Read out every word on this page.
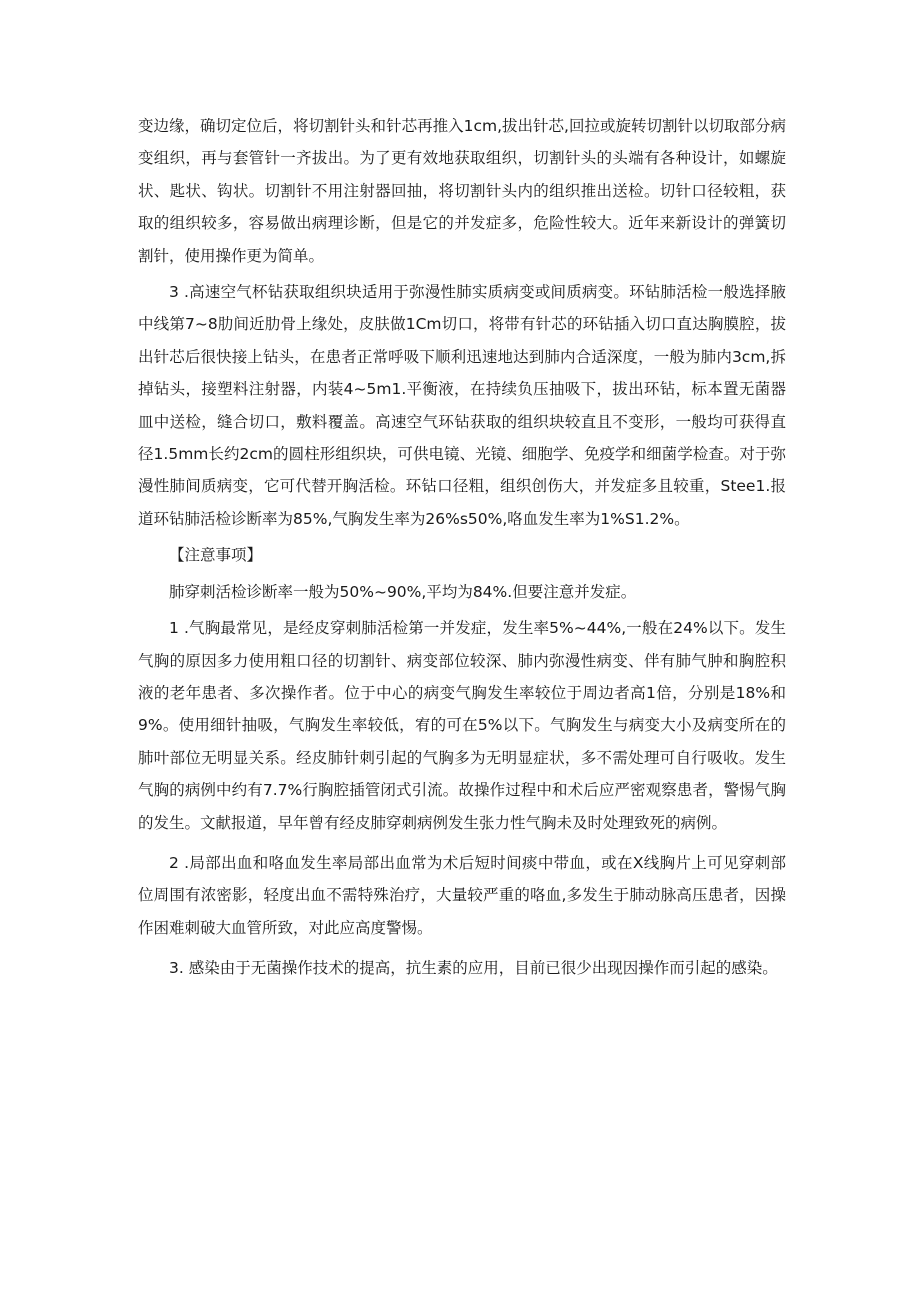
变边缘，确切定位后，将切割针头和针芯再推入1cm,拔出针芯,回拉或旋转切割针以切取部分病变组织，再与套管针一齐拔出。为了更有效地获取组织，切割针头的头端有各种设计，如螺旋状、匙状、钩状。切割针不用注射器回抽，将切割针头内的组织推出送检。切针口径较粗，获取的组织较多，容易做出病理诊断，但是它的并发症多，危险性较大。近年来新设计的弹簧切割针，使用操作更为简单。

3 .高速空气杯钻获取组织块适用于弥漫性肺实质病变或间质病变。环钻肺活检一般选择腋中线第7~8肋间近肋骨上缘处，皮肤做1Cm切口，将带有针芯的环钻插入切口直达胸膜腔，拔出针芯后很快接上钻头，在患者正常呼吸下顺利迅速地达到肺内合适深度，一般为肺内3cm,拆掉钻头，接塑料注射器，内装4~5m1.平衡液，在持续负压抽吸下，拔出环钻，标本置无菌器皿中送检，缝合切口，敷料覆盖。高速空气环钻获取的组织块较直且不变形，一般均可获得直径1.5mm长约2cm的圆柱形组织块，可供电镜、光镜、细胞学、免疫学和细菌学检查。对于弥漫性肺间质病变，它可代替开胸活检。环钻口径粗，组织创伤大，并发症多且较重，Stee1.报道环钻肺活检诊断率为85%,气胸发生率为26%s50%,咯血发生率为1%S1.2%。

【注意事项】

肺穿刺活检诊断率一般为50%~90%,平均为84%.但要注意并发症。

1 .气胸最常见，是经皮穿刺肺活检第一并发症，发生率5%~44%,一般在24%以下。发生气胸的原因多力使用粗口径的切割针、病变部位较深、肺内弥漫性病变、伴有肺气肿和胸腔积液的老年患者、多次操作者。位于中心的病变气胸发生率较位于周边者高1倍，分别是18%和9%。使用细针抽吸，气胸发生率较低，宥的可在5%以下。气胸发生与病变大小及病变所在的肺叶部位无明显关系。经皮肺针刺引起的气胸多为无明显症状，多不需处理可自行吸收。发生气胸的病例中约有7.7%行胸腔插管闭式引流。故操作过程中和术后应严密观察患者，警惕气胸的发生。文献报道，早年曾有经皮肺穿刺病例发生张力性气胸未及时处理致死的病例。

2 .局部出血和咯血发生率局部出血常为术后短时间痰中带血，或在X线胸片上可见穿刺部位周围有浓密影，轻度出血不需特殊治疗，大量较严重的咯血,多发生于肺动脉高压患者，因操作困难刺破大血管所致，对此应高度警惕。

3. 感染由于无菌操作技术的提高，抗生素的应用，目前已很少出现因操作而引起的感染。
